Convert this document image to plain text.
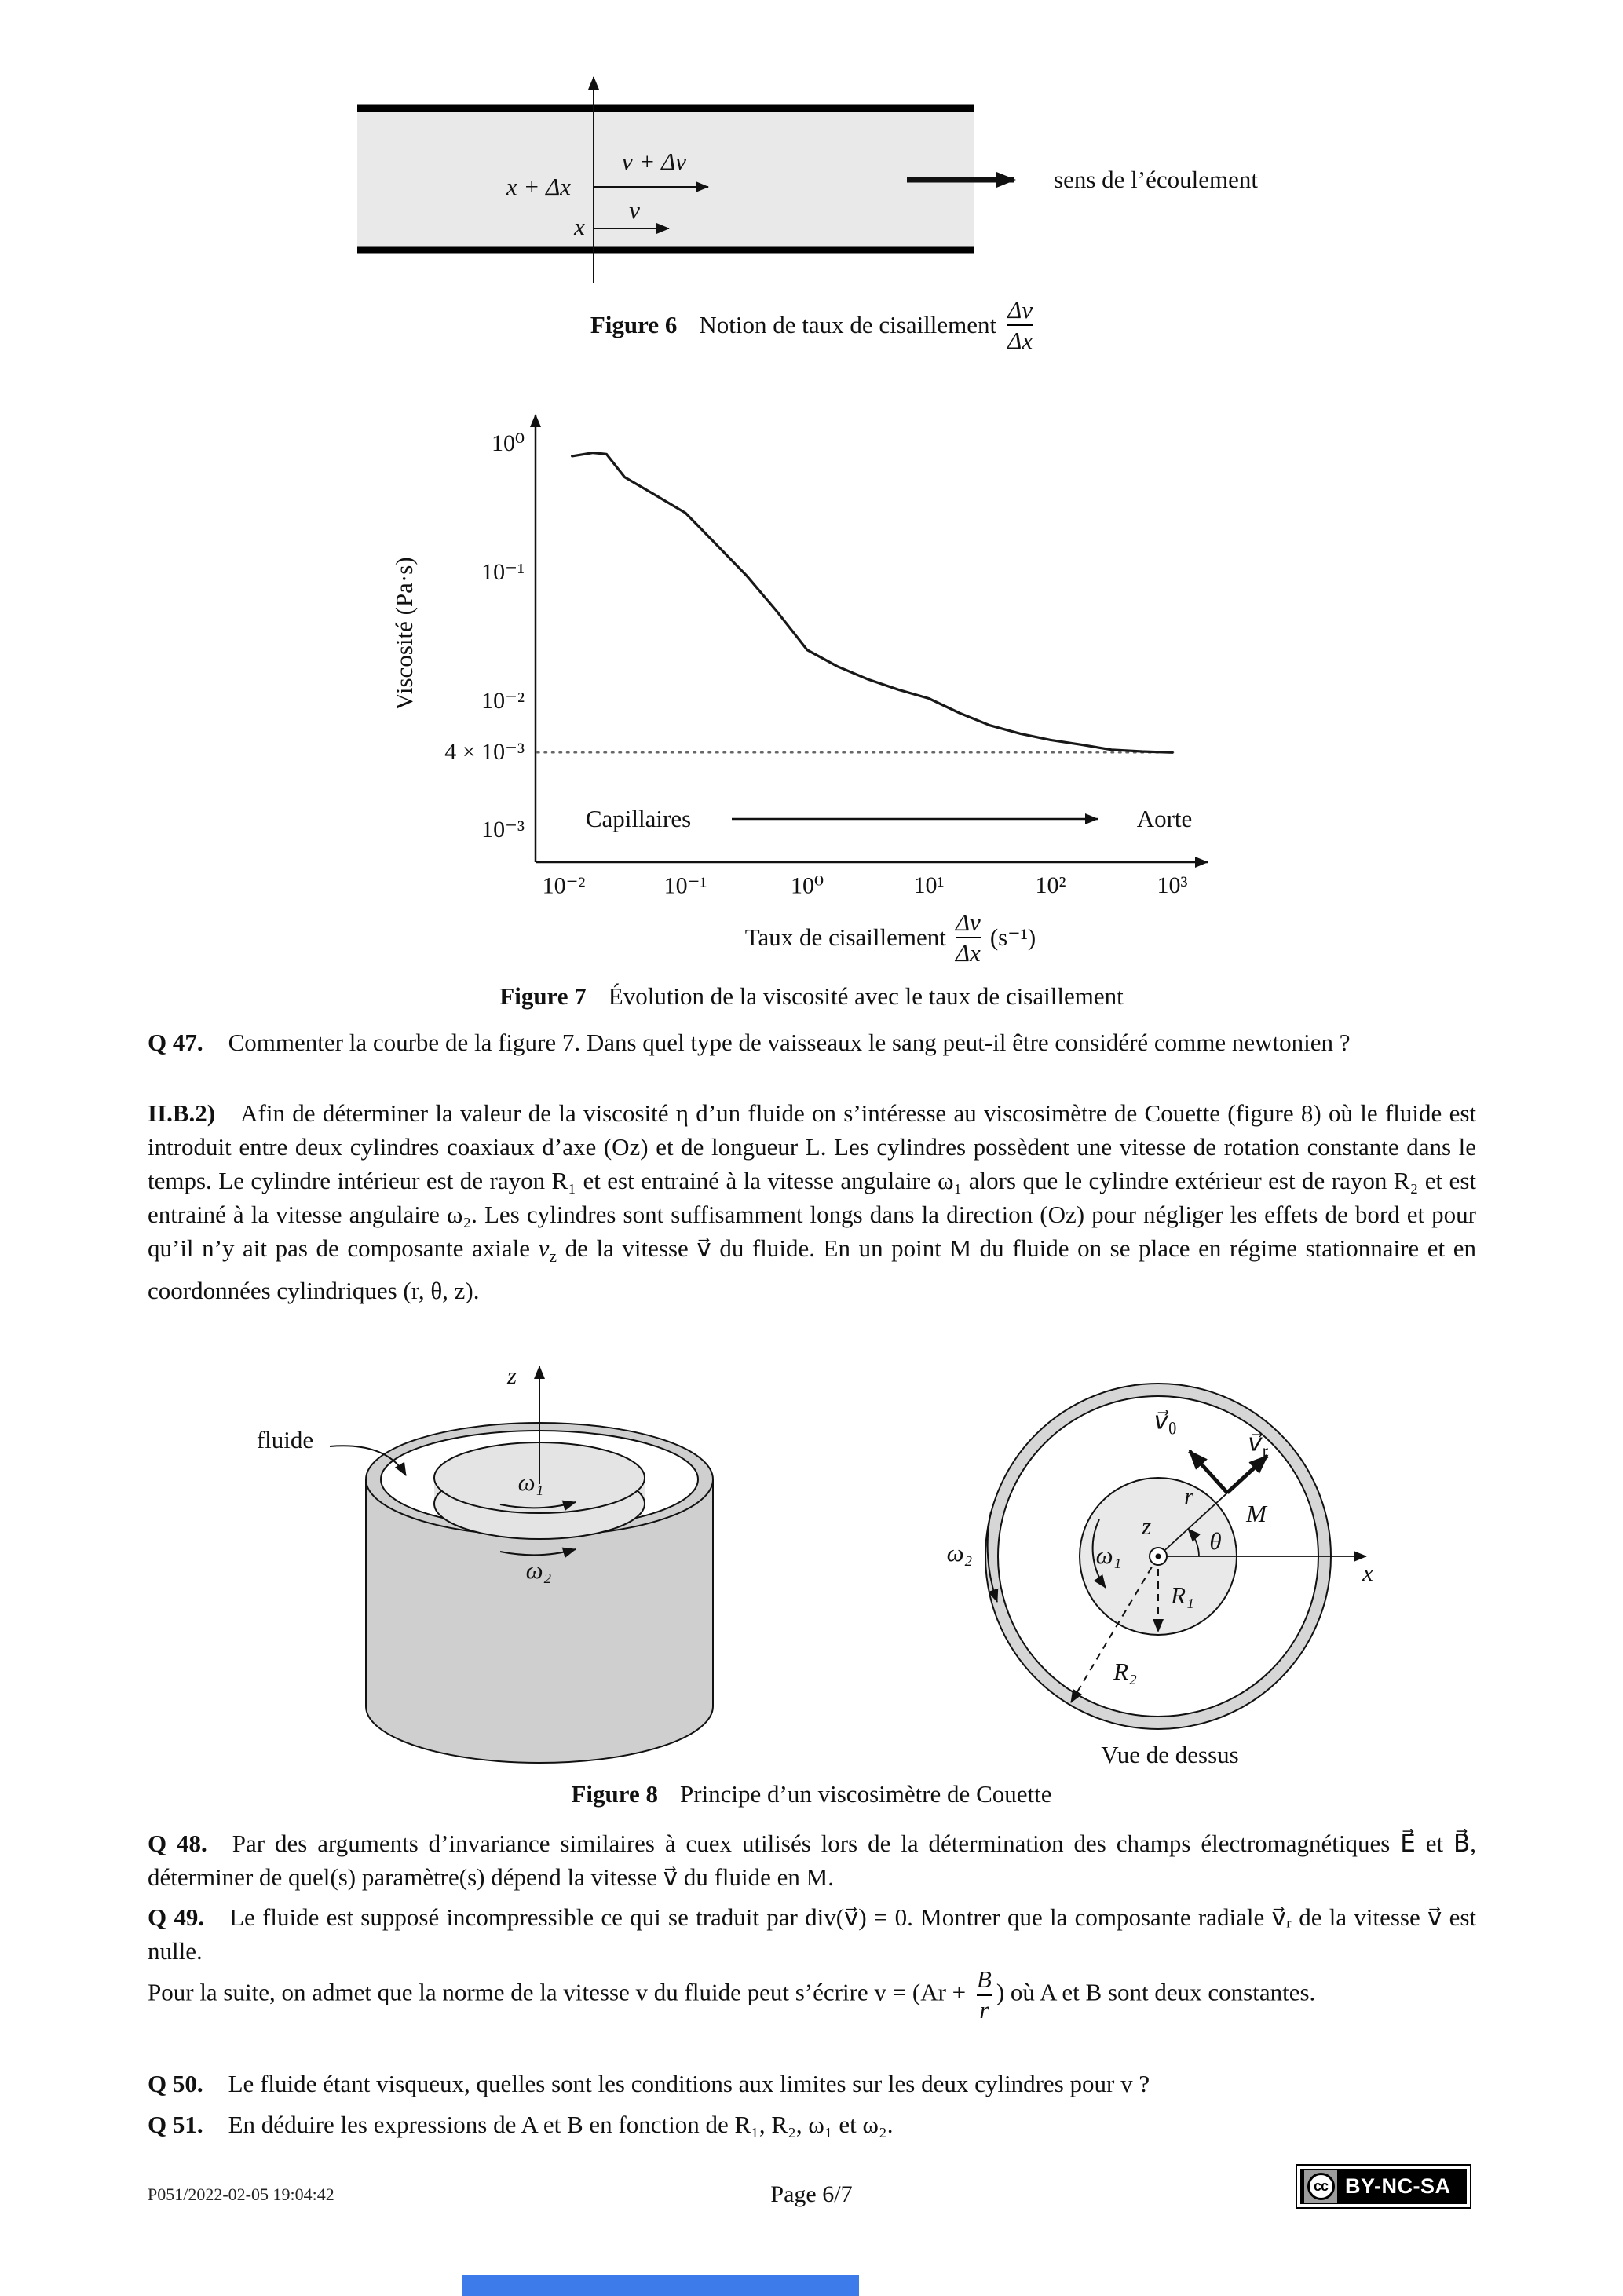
x + Δx
v + Δv
x
v
sens de l’écoulement
Figure 6 Notion de taux de cisaillement $\frac{\Delta v}{\Delta x}$
Viscosité (Pa·s)
10⁰
10⁻¹
10⁻²
4 × 10⁻³
10⁻³
10⁻²	10⁻¹	10⁰	10¹	10²	10³
Capillaires	Aorte
Taux de cisaillement $\frac{\Delta v}{\Delta x} (s^{-1})$
Figure 7 Évolution de la viscosité avec le taux de cisaillement

Q 47. Commenter la courbe de la figure 7. Dans quel type de vaisseaux le sang peut-il être considéré comme newtonien ?

II.B.2) Afin de déterminer la valeur de la viscosité η d’un fluide on s’intéresse au viscosimètre de Couette (figure 8) où le fluide est introduit entre deux cylindres coaxiaux d’axe (Oz) et de longueur L. Les cylindres possèdent une vitesse de rotation constante dans le temps. Le cylindre intérieur est de rayon R₁ et est entrainé à la vitesse angulaire ω₁ alors que le cylindre extérieur est de rayon R₂ et est entrainé à la vitesse angulaire ω₂. Les cylindres sont suffisamment longs dans la direction (Oz) pour négliger les effets de bord et pour qu’il n’y ait pas de composante axiale $v_z$ de la vitesse v⃗ du fluide. En un point M du fluide on se place en régime stationnaire et en coordonnées cylindriques (r, θ, z).

fluide
z
ω₁
ω₂
z
x
r
M
θ
ω₁
ω₂
R₁
R₂
$v⃗_\theta$	$v⃗_r$
Vue de dessus
Figure 8 Principe d’un viscosimètre de Couette

Q 48. Par des arguments d’invariance similaires à cuex utilisés lors de la détermination des champs électromagnétiques E⃗ et B⃗, déterminer de quel(s) paramètre(s) dépend la vitesse v⃗ du fluide en M.

Q 49. Le fluide est supposé incompressible ce qui se traduit par div(v⃗) = 0. Montrer que la composante radiale v⃗ᵣ de la vitesse v⃗ est nulle.

Pour la suite, on admet que la norme de la vitesse v du fluide peut s’écrire $v = (Ar + \frac{B}{r}$ ) où A et B sont deux constantes.

Q 50. Le fluide étant visqueux, quelles sont les conditions aux limites sur les deux cylindres pour v ?

Q 51. En déduire les expressions de A et B en fonction de R₁, R₂, ω₁ et ω₂.

P051/2022-02-05 19:04:42	Page 6/7	cc BY-NC-SA
